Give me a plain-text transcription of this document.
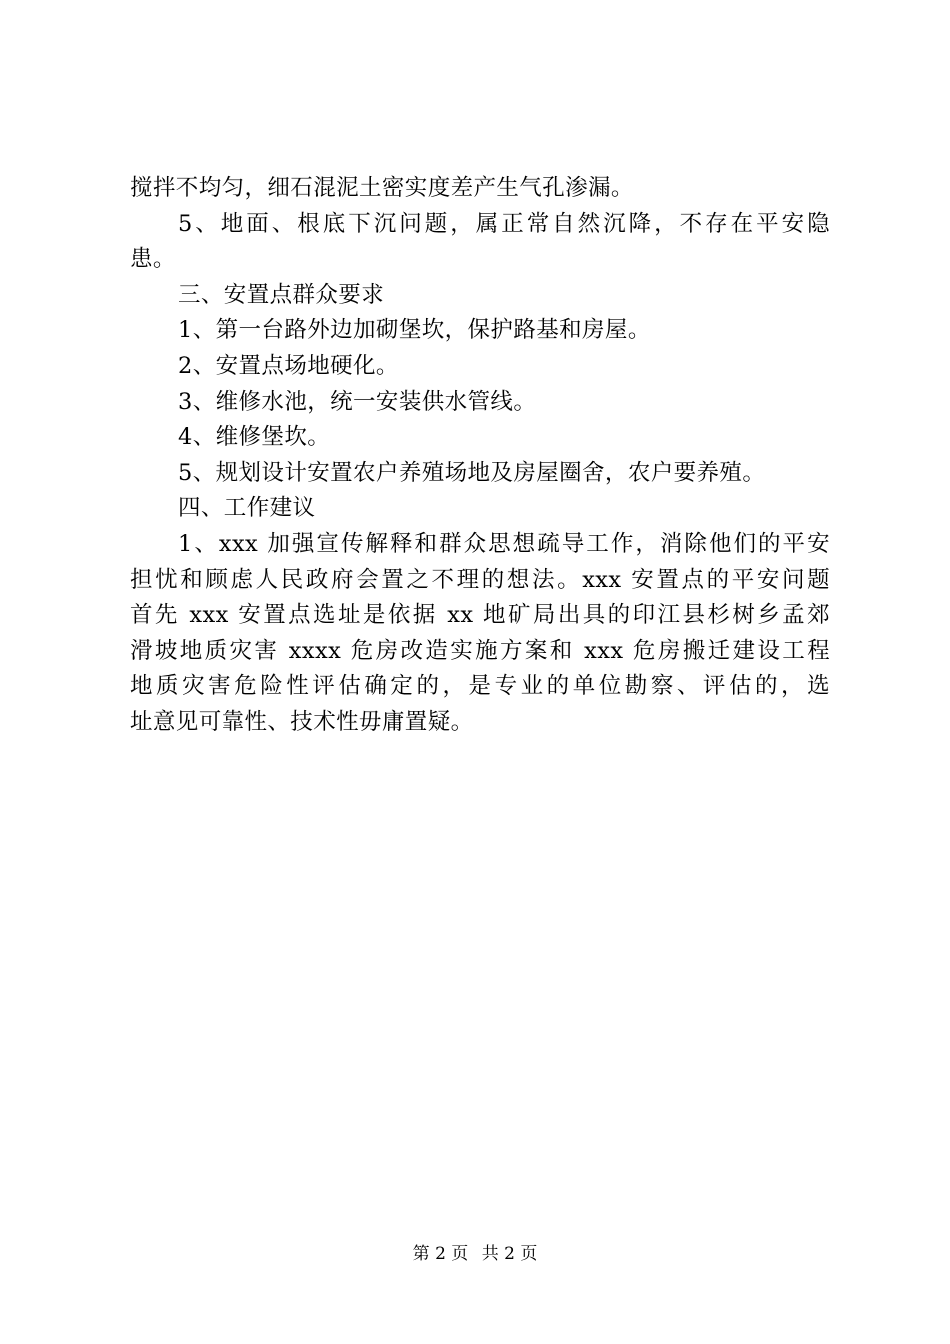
搅拌不均匀，细石混泥土密实度差产生气孔渗漏。
5、地面、根底下沉问题，属正常自然沉降，不存在平安隐
患。
三、安置点群众要求
1、第一台路外边加砌堡坎，保护路基和房屋。
2、安置点场地硬化。
3、维修水池，统一安装供水管线。
4、维修堡坎。
5、规划设计安置农户养殖场地及房屋圈舍，农户要养殖。
四、工作建议
1、xxx 加强宣传解释和群众思想疏导工作，消除他们的平安
担忧和顾虑人民政府会置之不理的想法。xxx 安置点的平安问题
首先 xxx 安置点选址是依据 xx 地矿局出具的印江县杉树乡孟郊
滑坡地质灾害 xxxx 危房改造实施方案和 xxx 危房搬迁建设工程
地质灾害危险性评估确定的，是专业的单位勘察、评估的，选
址意见可靠性、技术性毋庸置疑。
第 2 页 共 2 页
